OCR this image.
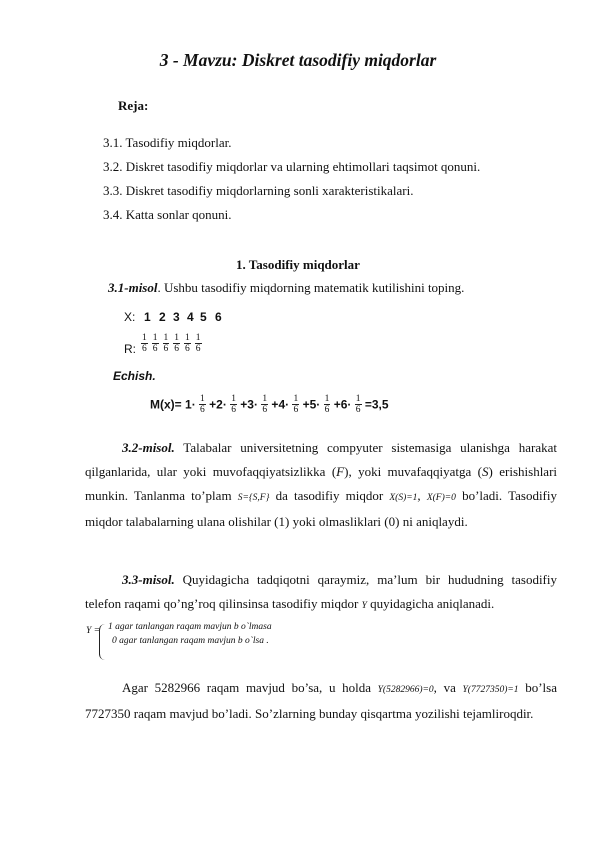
3 - Mavzu: Diskret tasodifiy miqdorlar
Reja:
3.1. Tasodifiy miqdorlar.
3.2. Diskret tasodifiy miqdorlar va ularning ehtimollari taqsimot qonuni.
3.3. Diskret tasodifiy miqdorlarning sonli xarakteristikalari.
3.4. Katta sonlar qonuni.
1. Tasodifiy miqdorlar
3.1-misol. Ushbu tasodifiy miqdorning matematik kutilishini toping.
X: 1 2 3 4 5 6
R: $\frac{1}{6} \frac{1}{6} \frac{1}{6} \frac{1}{6} \frac{1}{6} \frac{1}{6}$
Echish.
$M(x)= 1\cdot \frac{1}{6} +2\cdot \frac{1}{6} +3\cdot \frac{1}{6} +4\cdot \frac{1}{6} +5\cdot \frac{1}{6} +6\cdot \frac{1}{6} =3,5$
3.2-misol. Talabalar universitetning compyuter sistemasiga ulanishga harakat qilganlarida, ular yoki muvofaqqiyatsizlikka (F), yoki muvafaqqiyatga (S) erishishlari munkin. Tanlanma to’plam S={S,F} da tasodifiy miqdor X(S)=1, X(F)=0 bo’ladi. Tasodifiy miqdor talabalarning ulana olishilar (1) yoki olmasliklari (0) ni aniqlaydi.
3.3-misol. Quyidagicha tadqiqotni qaraymiz, ma’lum bir hududning tasodifiy telefon raqami qo’ng’roq qilinsinsa tasodifiy miqdor Y quyidagicha aniqlanadi.
Y = 1 agar tanlangan raqam mavjun b o`lmasa
0 agar tanlangan raqam mavjun b o`lsa .
Agar 5282966 raqam mavjud bo’sa, u holda Y(5282966)=0, va Y(7727350)=1 bo’lsa 7727350 raqam mavjud bo’ladi. So’zlarning bunday qisqartma yozilishi tejamliroqdir.
